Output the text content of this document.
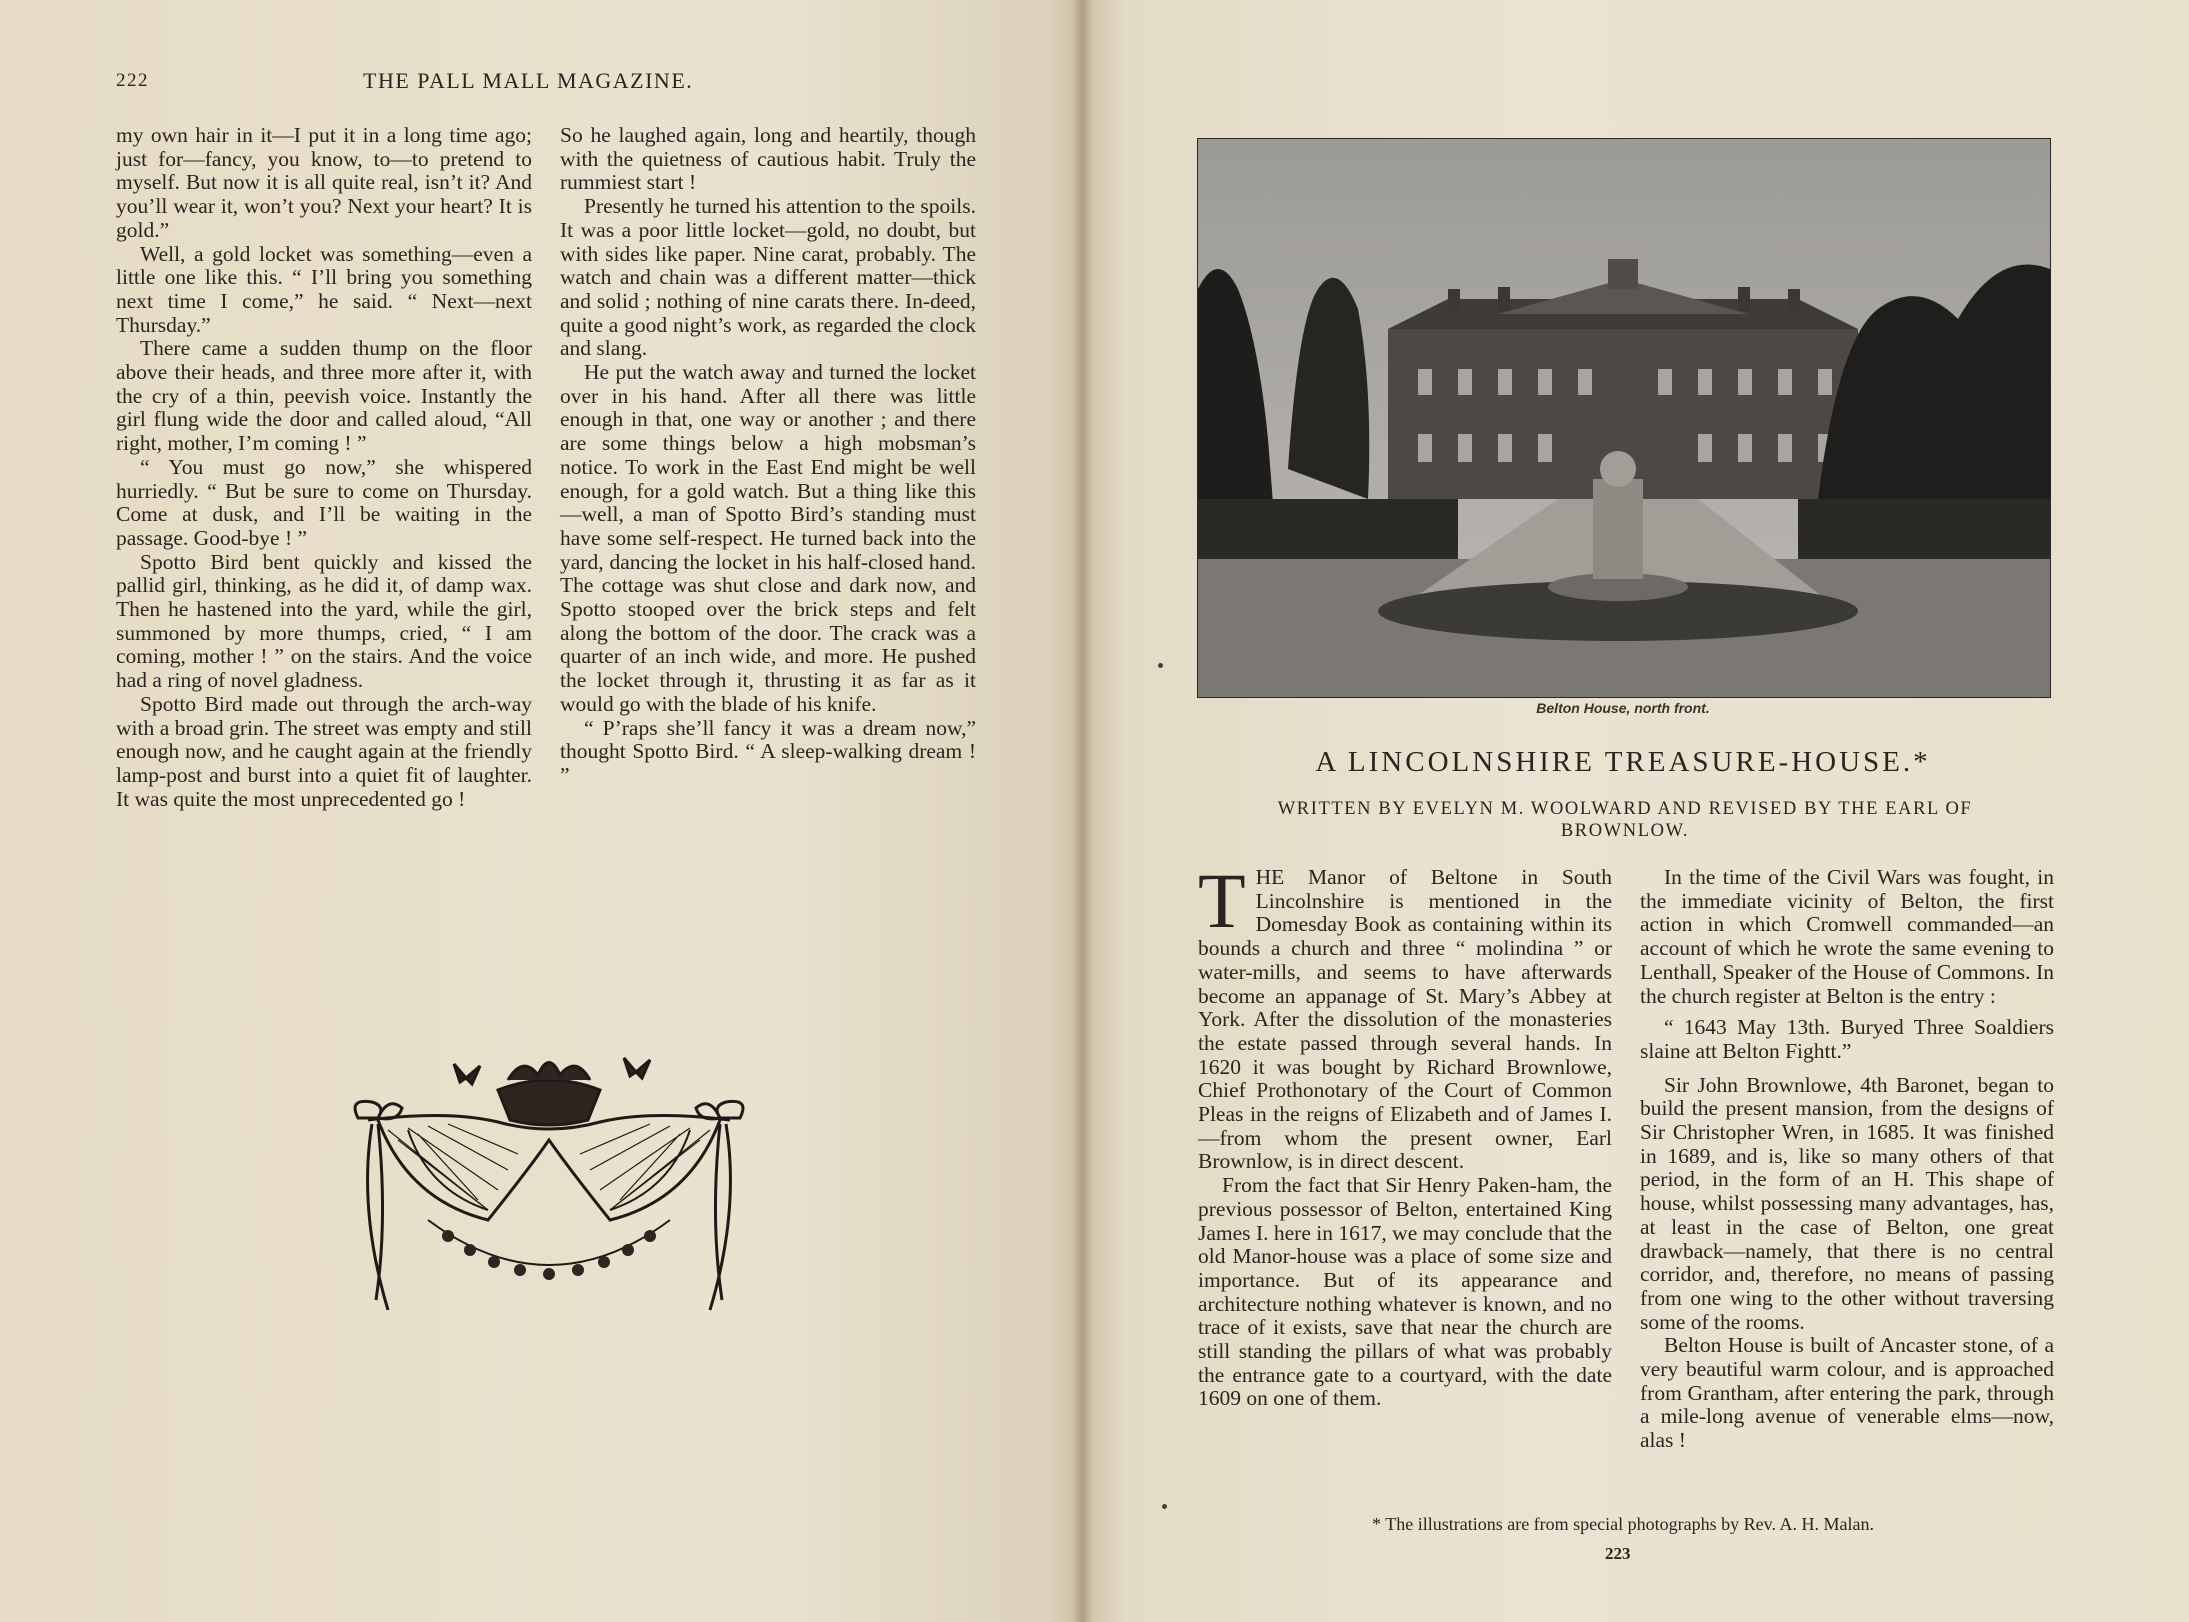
222	THE PALL MALL MAGAZINE.

my own hair in it—I put it in a long time ago; just for—fancy, you know, to—to pretend to myself. But now it is all quite real, isn’t it? And you’ll wear it, won’t you? Next your heart? It is gold.”

Well, a gold locket was something—even a little one like this. “ I’ll bring you something next time I come,” he said. “ Next—next Thursday.”

There came a sudden thump on the floor above their heads, and three more after it, with the cry of a thin, peevish voice. Instantly the girl flung wide the door and called aloud, “All right, mother, I’m coming ! ”

“ You must go now,” she whispered hurriedly. “ But be sure to come on Thursday. Come at dusk, and I’ll be waiting in the passage. Good-bye ! ”

Spotto Bird bent quickly and kissed the pallid girl, thinking, as he did it, of damp wax. Then he hastened into the yard, while the girl, summoned by more thumps, cried, “ I am coming, mother ! ” on the stairs. And the voice had a ring of novel gladness.

Spotto Bird made out through the arch-way with a broad grin. The street was empty and still enough now, and he caught again at the friendly lamp-post and burst into a quiet fit of laughter. It was quite the most unprecedented go !

So he laughed again, long and heartily, though with the quietness of cautious habit. Truly the rummiest start !

Presently he turned his attention to the spoils. It was a poor little locket—gold, no doubt, but with sides like paper. Nine carat, probably. The watch and chain was a different matter—thick and solid ; nothing of nine carats there. In-deed, quite a good night’s work, as regarded the clock and slang.

He put the watch away and turned the locket over in his hand. After all there was little enough in that, one way or another ; and there are some things below a high mobsman’s notice. To work in the East End might be well enough, for a gold watch. But a thing like this—well, a man of Spotto Bird’s standing must have some self-respect. He turned back into the yard, dancing the locket in his half-closed hand. The cottage was shut close and dark now, and Spotto stooped over the brick steps and felt along the bottom of the door. The crack was a quarter of an inch wide, and more. He pushed the locket through it, thrusting it as far as it would go with the blade of his knife.

“ P’raps she’ll fancy it was a dream now,” thought Spotto Bird. “ A sleep-walking dream ! ”

Belton House, north front.
A LINCOLNSHIRE TREASURE-HOUSE.*
WRITTEN BY EVELYN M. WOOLWARD AND REVISED BY THE EARL OF BROWNLOW.

THE Manor of Beltone in South Lincolnshire is mentioned in the Domesday Book as containing within its bounds a church and three “ molindina ” or water-mills, and seems to have afterwards become an appanage of St. Mary’s Abbey at York. After the dissolution of the monasteries the estate passed through several hands. In 1620 it was bought by Richard Brownlowe, Chief Prothonotary of the Court of Common Pleas in the reigns of Elizabeth and of James I.—from whom the present owner, Earl Brownlow, is in direct descent.

From the fact that Sir Henry Paken-ham, the previous possessor of Belton, entertained King James I. here in 1617, we may conclude that the old Manor-house was a place of some size and importance. But of its appearance and architecture nothing whatever is known, and no trace of it exists, save that near the church are still standing the pillars of what was probably the entrance gate to a courtyard, with the date 1609 on one of them.

In the time of the Civil Wars was fought, in the immediate vicinity of Belton, the first action in which Cromwell commanded—an account of which he wrote the same evening to Lenthall, Speaker of the House of Commons. In the church register at Belton is the entry :

“ 1643 May 13th. Buryed Three Soaldiers slaine att Belton Fightt.”

Sir John Brownlowe, 4th Baronet, began to build the present mansion, from the designs of Sir Christopher Wren, in 1685. It was finished in 1689, and is, like so many others of that period, in the form of an H. This shape of house, whilst possessing many advantages, has, at least in the case of Belton, one great drawback—namely, that there is no central corridor, and, therefore, no means of passing from one wing to the other without traversing some of the rooms.

Belton House is built of Ancaster stone, of a very beautiful warm colour, and is approached from Grantham, after entering the park, through a mile-long avenue of venerable elms—now, alas !

* The illustrations are from special photographs by Rev. A. H. Malan.
223
